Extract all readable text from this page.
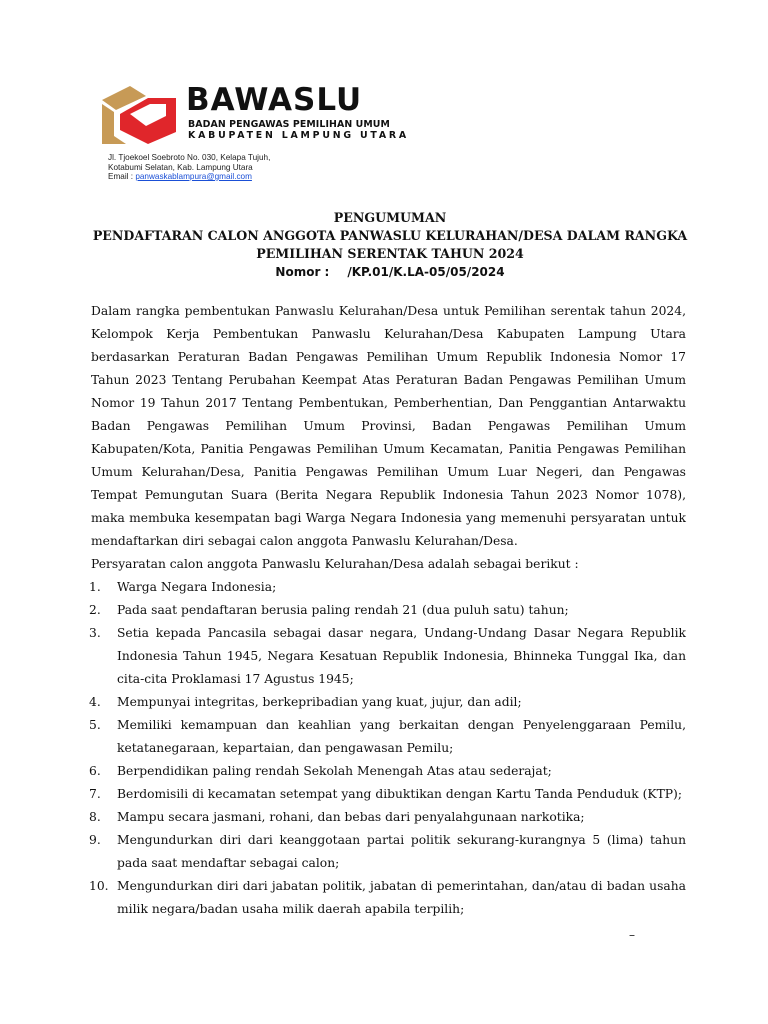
BAWASLU
BADAN PENGAWAS PEMILIHAN UMUM
KABUPATEN LAMPUNG UTARA
Jl. Tjoekoel Soebroto No. 030, Kelapa Tujuh,
Kotabumi Selatan, Kab. Lampung Utara
Email : panwaskablampura@gmail.com
PENGUMUMAN
PENDAFTARAN CALON ANGGOTA PANWASLU KELURAHAN/DESA DALAM RANGKA
PEMILIHAN SERENTAK TAHUN 2024
Nomor : /KP.01/K.LA-05/05/2024

Dalam rangka pembentukan Panwaslu Kelurahan/Desa untuk Pemilihan serentak tahun 2024, Kelompok Kerja Pembentukan Panwaslu Kelurahan/Desa Kabupaten Lampung Utara berdasarkan Peraturan Badan Pengawas Pemilihan Umum Republik Indonesia Nomor 17 Tahun 2023 Tentang Perubahan Keempat Atas Peraturan Badan Pengawas Pemilihan Umum Nomor 19 Tahun 2017 Tentang Pembentukan, Pemberhentian, Dan Penggantian Antarwaktu Badan Pengawas Pemilihan Umum Provinsi, Badan Pengawas Pemilihan Umum Kabupaten/Kota, Panitia Pengawas Pemilihan Umum Kecamatan, Panitia Pengawas Pemilihan Umum Kelurahan/Desa, Panitia Pengawas Pemilihan Umum Luar Negeri, dan Pengawas Tempat Pemungutan Suara (Berita Negara Republik Indonesia Tahun 2023 Nomor 1078), maka membuka kesempatan bagi Warga Negara Indonesia yang memenuhi persyaratan untuk mendaftarkan diri sebagai calon anggota Panwaslu Kelurahan/Desa.

Persyaratan calon anggota Panwaslu Kelurahan/Desa adalah sebagai berikut :

1.	Warga Negara Indonesia;
2.	Pada saat pendaftaran berusia paling rendah 21 (dua puluh satu) tahun;
3.	Setia kepada Pancasila sebagai dasar negara, Undang-Undang Dasar Negara Republik Indonesia Tahun 1945, Negara Kesatuan Republik Indonesia, Bhinneka Tunggal Ika, dan cita-cita Proklamasi 17 Agustus 1945;
4.	Mempunyai integritas, berkepribadian yang kuat, jujur, dan adil;
5.	Memiliki kemampuan dan keahlian yang berkaitan dengan Penyelenggaraan Pemilu, ketatanegaraan, kepartaian, dan pengawasan Pemilu;
6.	Berpendidikan paling rendah Sekolah Menengah Atas atau sederajat;
7.	Berdomisili di kecamatan setempat yang dibuktikan dengan Kartu Tanda Penduduk (KTP);
8.	Mampu secara jasmani, rohani, dan bebas dari penyalahgunaan narkotika;
9.	Mengundurkan diri dari keanggotaan partai politik sekurang-kurangnya 5 (lima) tahun pada saat mendaftar sebagai calon;
10. Mengundurkan diri dari jabatan politik, jabatan di pemerintahan, dan/atau di badan usaha milik negara/badan usaha milik daerah apabila terpilih;
–
